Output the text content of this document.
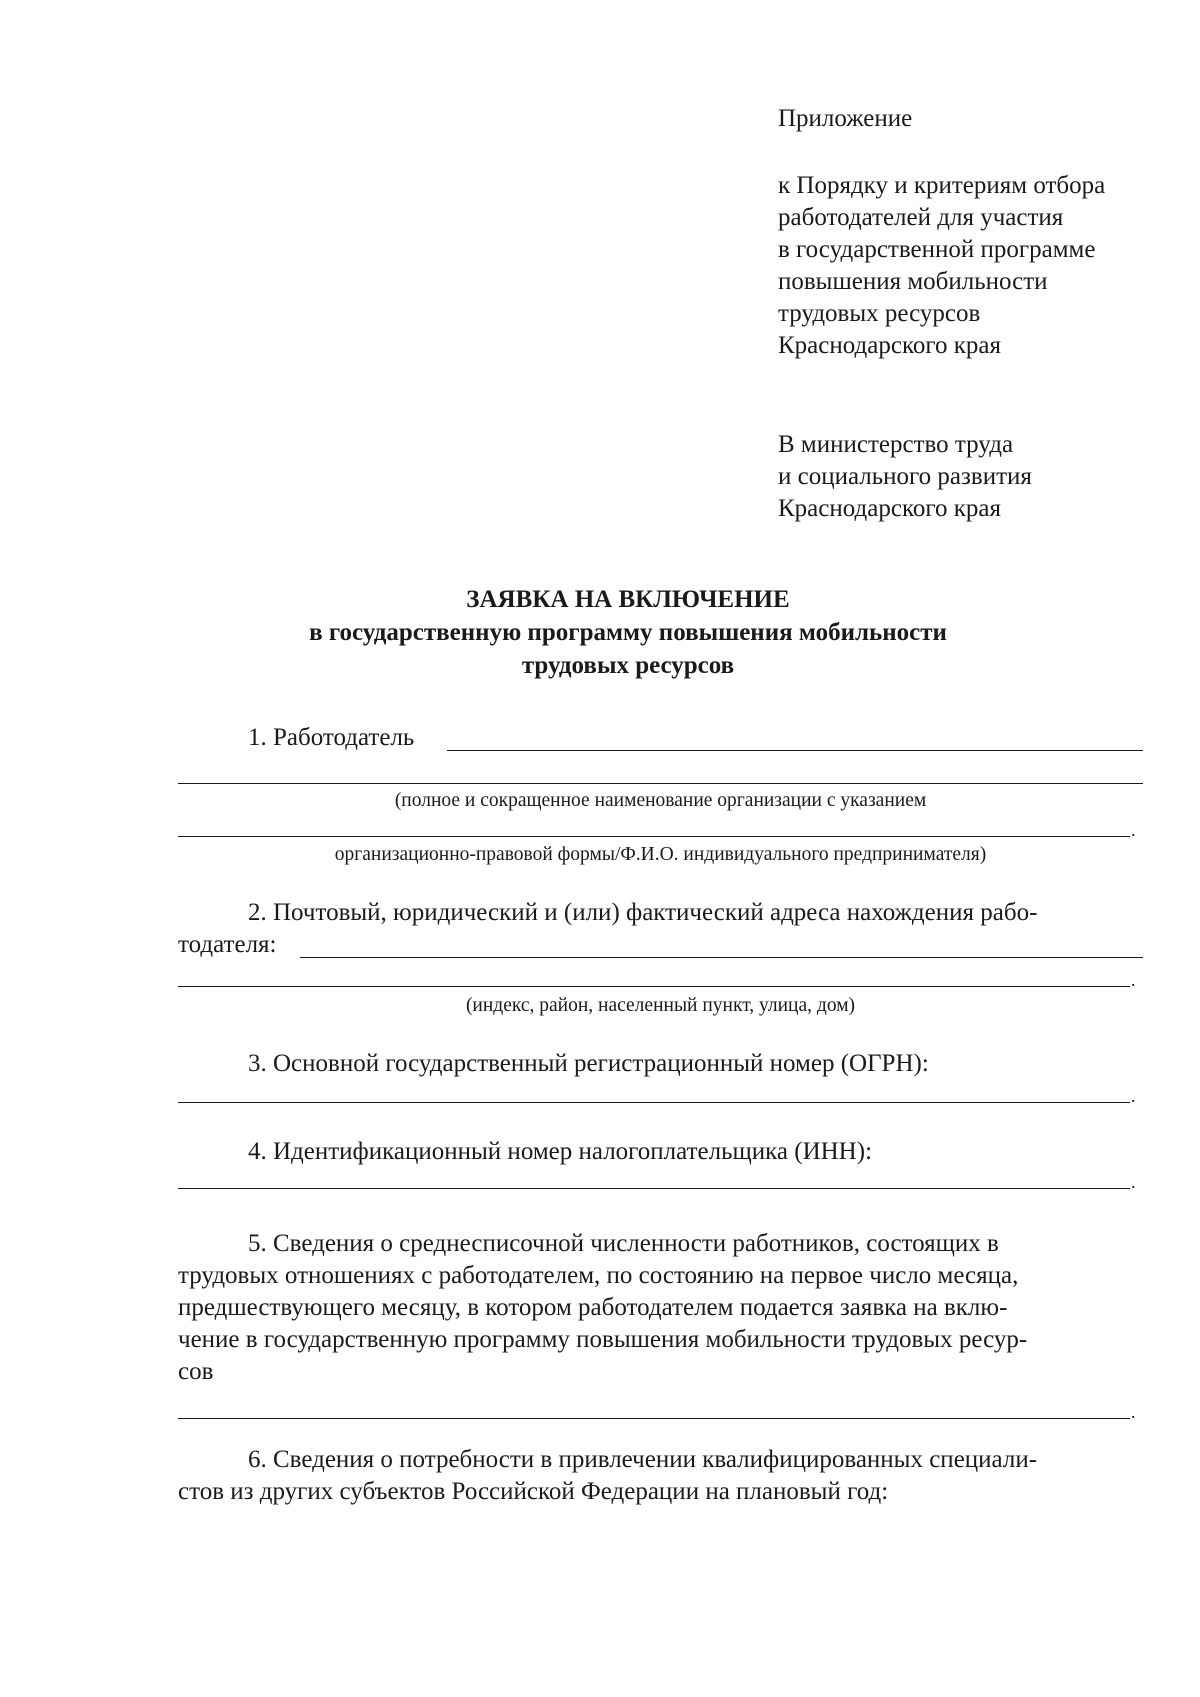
Приложение
к Порядку и критериям отбора
работодателей для участия
в государственной программе
повышения мобильности
трудовых ресурсов
Краснодарского края
В министерство труда
и социального развития
Краснодарского края
ЗАЯВКА НА ВКЛЮЧЕНИЕ
в государственную программу повышения мобильности
трудовых ресурсов
1. Работодатель
(полное и сокращенное наименование организации с указанием
.
организационно-правовой формы/Ф.И.О. индивидуального предпринимателя)
2. Почтовый, юридический и (или) фактический адреса нахождения рабо-
тодателя:
.
(индекс, район, населенный пункт, улица, дом)
3. Основной государственный регистрационный номер (ОГРН):
.
4. Идентификационный номер налогоплательщика (ИНН):
.
5. Сведения о среднесписочной численности работников, состоящих в
трудовых отношениях с работодателем, по состоянию на первое число месяца,
предшествующего месяцу, в котором работодателем подается заявка на вклю-
чение в государственную программу повышения мобильности трудовых ресур-
сов
.
6. Сведения о потребности в привлечении квалифицированных специали-
стов из других субъектов Российской Федерации на плановый год:
